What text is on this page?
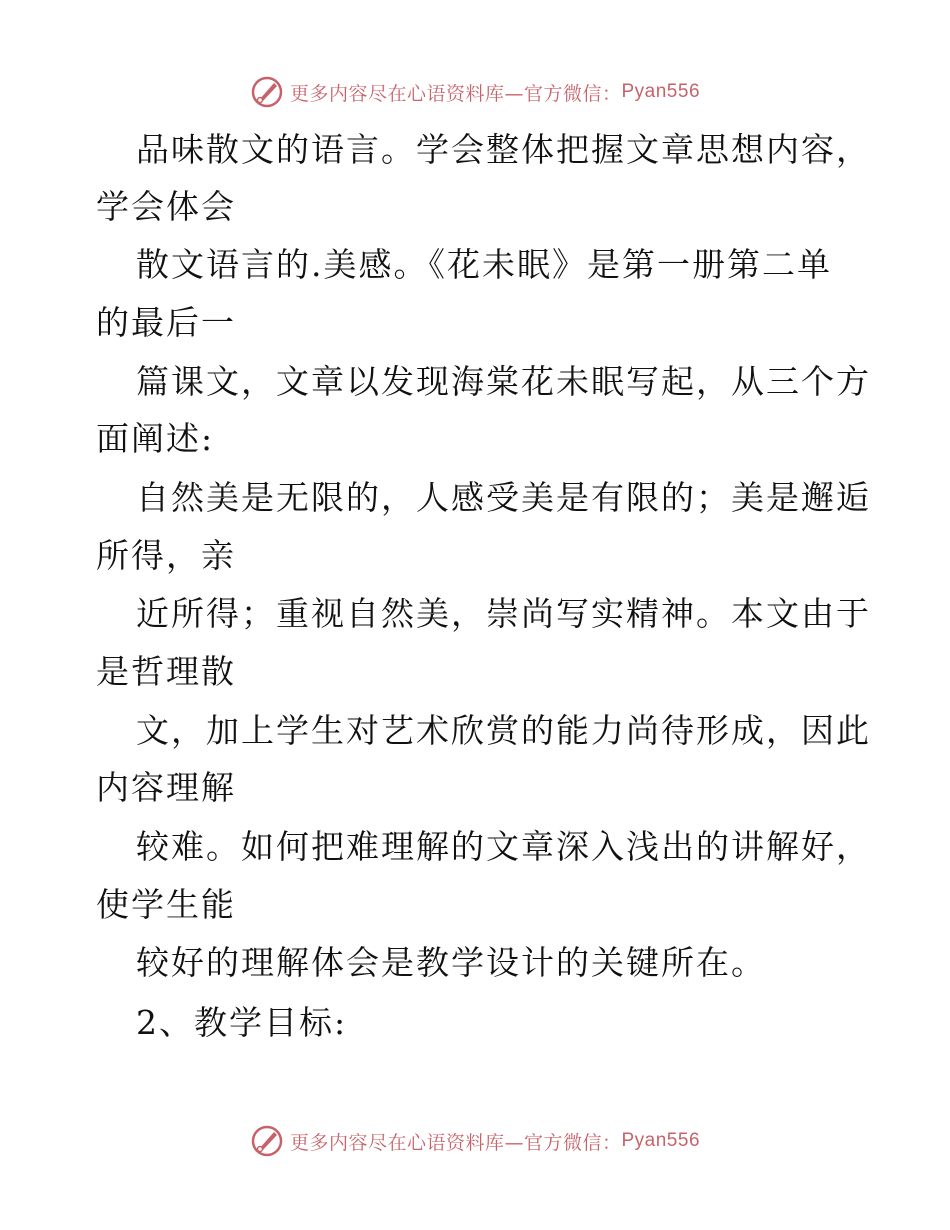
更多内容尽在心语资料库—官方微信： Pyan556
品味散文的语言。学会整体把握文章思想内容，
学会体会
散文语言的.美感。《花未眠》是第一册第二单
的最后一
篇课文，文章以发现海棠花未眠写起，从三个方
面阐述:
自然美是无限的，人感受美是有限的；美是邂逅
所得，亲
近所得；重视自然美，崇尚写实精神。本文由于
是哲理散
文，加上学生对艺术欣赏的能力尚待形成，因此
内容理解
较难。如何把难理解的文章深入浅出的讲解好，
使学生能
较好的理解体会是教学设计的关键所在。
2、教学目标:
更多内容尽在心语资料库—官方微信： Pyan556
